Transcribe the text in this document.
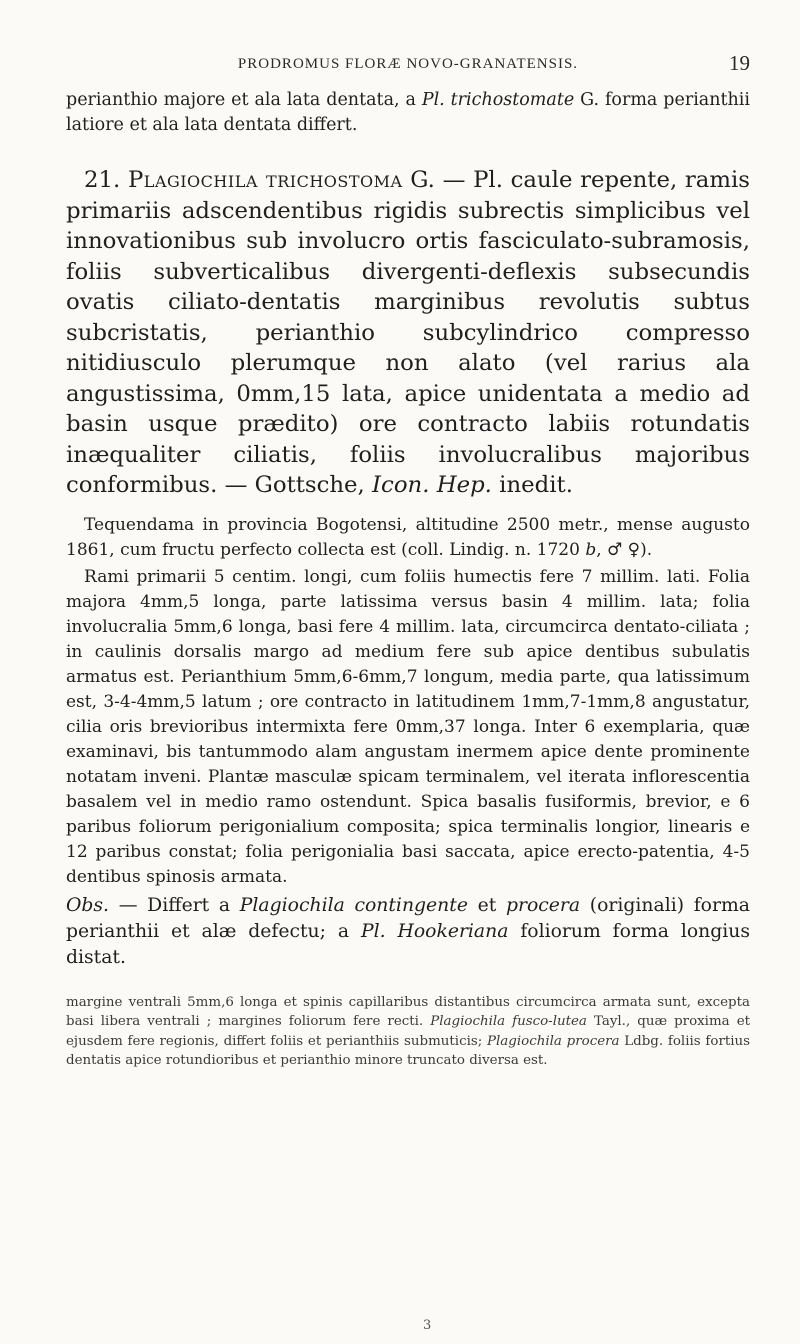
PRODROMUS FLORÆ NOVO-GRANATENSIS.	19

perianthio majore et ala lata dentata, a Pl. trichostomate G. forma perianthii latiore et ala lata dentata differt.

21. Plagiochila trichostoma G. — Pl. caule repente, ramis primariis adscendentibus rigidis subrectis simplicibus vel innovationibus sub involucro ortis fasciculato-subramosis, foliis subverticalibus divergenti-deflexis subsecundis ovatis ciliato-dentatis marginibus revolutis subtus subcristatis, perianthio subcylindrico compresso nitidiusculo plerumque non alato (vel rarius ala angustissima, 0mm,15 lata, apice unidentata a medio ad basin usque prædito) ore contracto labiis rotundatis inæqualiter ciliatis, foliis involucralibus majoribus conformibus. — Gottsche, Icon. Hep. inedit.

Tequendama in provincia Bogotensi, altitudine 2500 metr., mense augusto 1861, cum fructu perfecto collecta est (coll. Lindig. n. 1720 b, ♂ ♀).

Rami primarii 5 centim. longi, cum foliis humectis fere 7 millim. lati. Folia majora 4mm,5 longa, parte latissima versus basin 4 millim. lata; folia involucralia 5mm,6 longa, basi fere 4 millim. lata, circumcirca dentato-ciliata ; in caulinis dorsalis margo ad medium fere sub apice dentibus subulatis armatus est. Perianthium 5mm,6-6mm,7 longum, media parte, qua latissimum est, 3-4-4mm,5 latum ; ore contracto in latitudinem 1mm,7-1mm,8 angustatur, cilia oris brevioribus intermixta fere 0mm,37 longa. Inter 6 exemplaria, quæ examinavi, bis tantummodo alam angustam inermem apice dente prominente notatam inveni. Plantæ masculæ spicam terminalem, vel iterata inflorescentia basalem vel in medio ramo ostendunt. Spica basalis fusiformis, brevior, e 6 paribus foliorum perigonialium composita; spica terminalis longior, linearis e 12 paribus constat; folia perigonialia basi saccata, apice erecto-patentia, 4-5 dentibus spinosis armata.

Obs. — Differt a Plagiochila contingente et procera (originali) forma perianthii et alæ defectu; a Pl. Hookeriana foliorum forma longius distat.

margine ventrali 5mm,6 longa et spinis capillaribus distantibus circumcirca armata sunt, excepta basi libera ventrali ; margines foliorum fere recti. Plagiochila fusco-lutea Tayl., quæ proxima et ejusdem fere regionis, differt foliis et perianthiis submuticis; Plagiochila procera Ldbg. foliis fortius dentatis apice rotundioribus et perianthio minore truncato diversa est.

3
